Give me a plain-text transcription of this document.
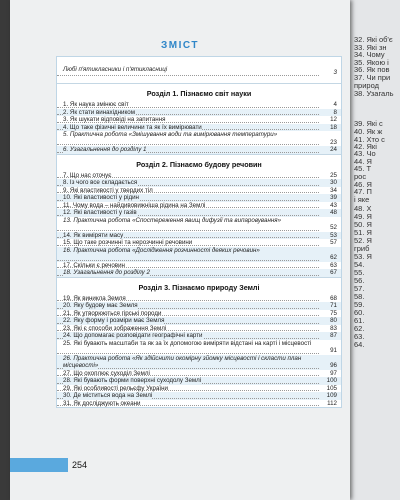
32. Які об'є
33. Які зн
34. Чому
35. Якою і
36. Як пов
37. Чи при
природ
38. Узагаль
39. Які с
40. Як ж
41. Хто с
42. Які
43. Чо
44. Я
45. Т
рос
46. Я
47. П
і яке
48. Х
49. Я
50. Я
51. Я
52. Я
гриб
53. Я
54.
55.
56.
57.
58.
59.
60.
61.
62.
63.
64.
ЗМІСТ
Любі п'ятикласники і п'ятикласниці	3
Розділ 1. Пізнаємо світ науки
1. Як наука змінює світ	4
2. Як стати винахідником	8
3. Як шукати відповіді на запитання	12
4. Що таке фізичні величини та як їх вимірювати	18
5. Практична робота «Змішування води та вимірювання температури»
23
6. Узагальнення до розділу 1	24
Розділ 2. Пізнаємо будову речовин
7. Що нас оточує	25
8. Із чого все складається	30
9. Які властивості у твердих тіл	34
10. Які властивості у рідин	39
11. Чому вода – найдивовижніша рідина на Землі	43
12. Які властивості у газів	48
13. Практична робота «Спостереження явищ дифузії та випаровування»
52
14. Як виміряти масу	53
15. Що таке розчинні та нерозчинні речовини	57
16. Практична робота «Дослідження розчинності деяких речовин»
62
17. Скільки є речовин	63
18. Узагальнення до розділу 2	67
Розділ 3. Пізнаємо природу Землі
19. Як виникла Земля	68
20. Яку будову має Земля	71
21. Як утворюються гірські породи	75
22. Яку форму і розміри має Земля	80
23. Які є способи зображення Землі	83
24. Що допомагає розповідати географічні карти	87
25. Які бувають масштаби та як за їх допомогою виміряти відстані на карті і місцевості
91
26. Практична робота «Як здійснити окомірну зйомку місцевості і скласти план місцевості»	96
27. Що охоплює суходіл Землі	97
28. Які бувають форми поверхні суходолу Землі	100
29. Які особливості рельєфу України	105
30. Де міститься вода на Землі	109
31. Як досліджують океани	112
254
